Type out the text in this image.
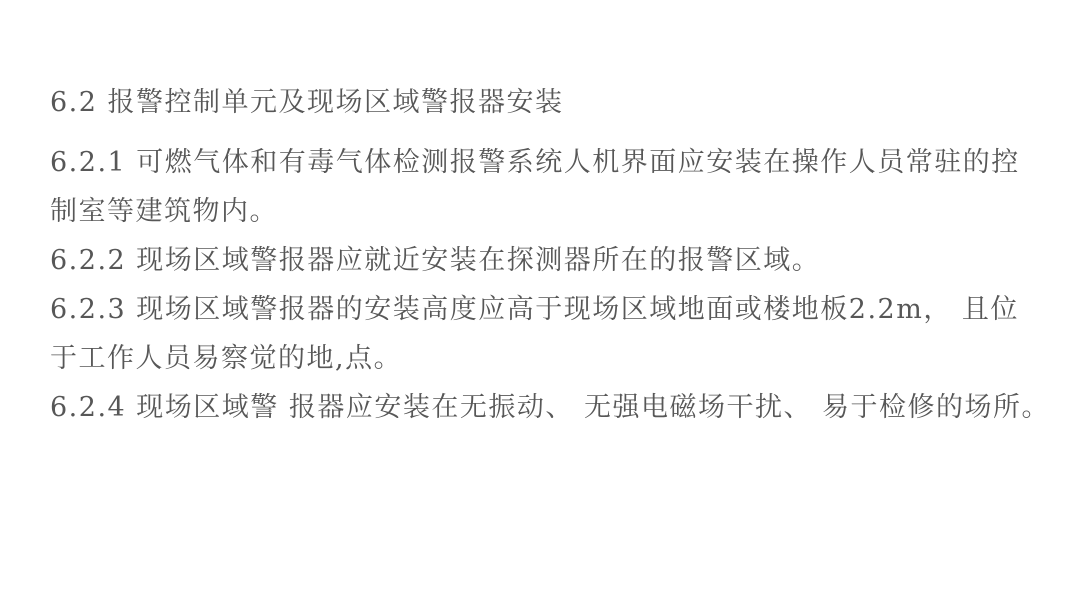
6.2 报警控制单元及现场区域警报器安装
6.2.1 可燃气体和有毒气体检测报警系统人机界面应安装在操作人员常驻的控
制室等建筑物内。
6.2.2 现场区域警报器应就近安装在探测器所在的报警区域。
6.2.3 现场区域警报器的安装高度应高于现场区域地面或楼地板2.2m， 且位
于工作人员易察觉的地,点。
6.2.4 现场区域警 报器应安装在无振动、 无强电磁场干扰、 易于检修的场所。
